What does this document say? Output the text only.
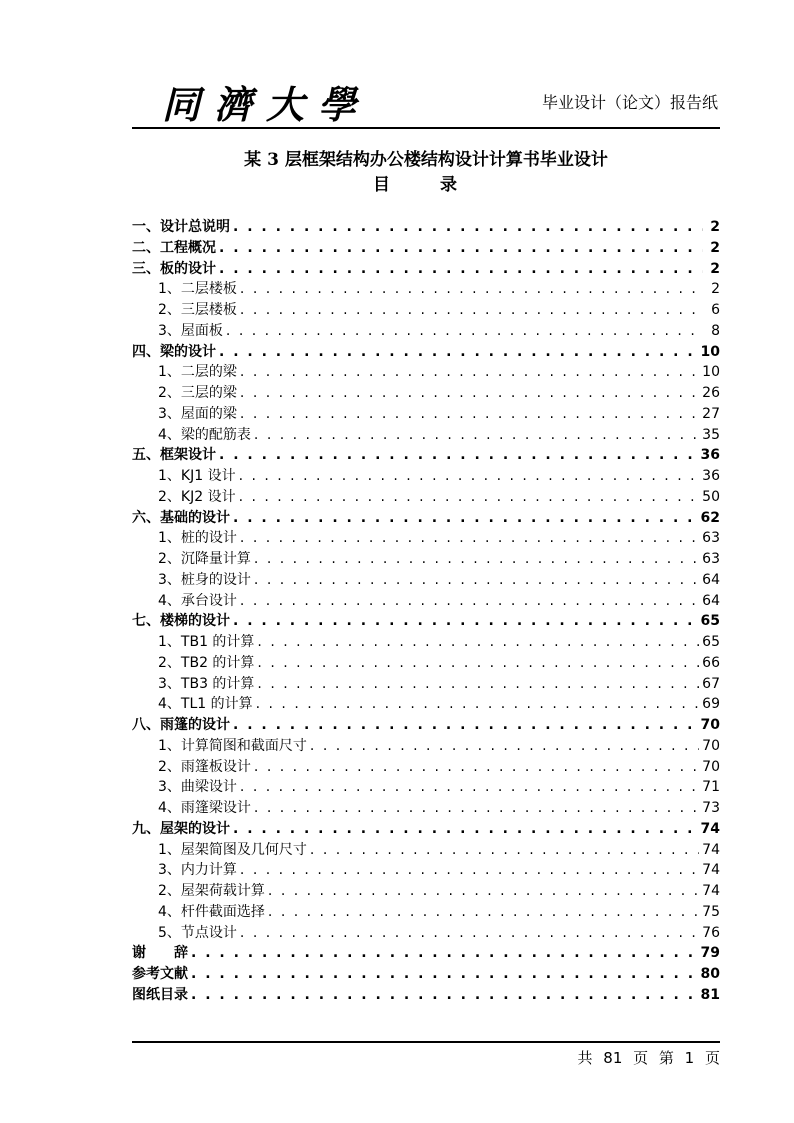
同濟大學	毕业设计（论文）报告纸
某 3 层框架结构办公楼结构设计计算书毕业设计
目 录
一、设计总说明 . . .	2
二、工程概况 . . .	2
三、板的设计 . . .	2
1、二层楼板 . . .	2
2、三层楼板 . . .	6
3、屋面板 . . .	8
四、梁的设计 . . .	10
1、二层的梁 . . .	10
2、三层的梁 . . .	26
3、屋面的梁 . . .	27
4、梁的配筋表 . . .	35
五、框架设计 . . .	36
1、KJ1 设计 . . .	36
2、KJ2 设计 . . .	50
六、基础的设计 . . .	62
1、桩的设计 . . .	63
2、沉降量计算 . . .	63
3、桩身的设计 . . .	64
4、承台设计 . . .	64
七、楼梯的设计 . . .	65
1、TB1 的计算 . . .	65
2、TB2 的计算 . . .	66
3、TB3 的计算 . . .	67
4、TL1 的计算 . . .	69
八、雨篷的设计 . . .	70
1、计算简图和截面尺寸 . . .	70
2、雨篷板设计 . . .	70
3、曲梁设计 . . .	71
4、雨篷梁设计 . . .	73
九、屋架的设计 . . .	74
1、屋架简图及几何尺寸 . . .	74
3、内力计算 . . .	74
2、屋架荷载计算 . . .	74
4、杆件截面选择 . . .	75
5、节点设计 . . .	76
谢　　辞 . . .	79
参考文献 . . .	80
图纸目录 . . .	81
共 81 页 第 1 页
